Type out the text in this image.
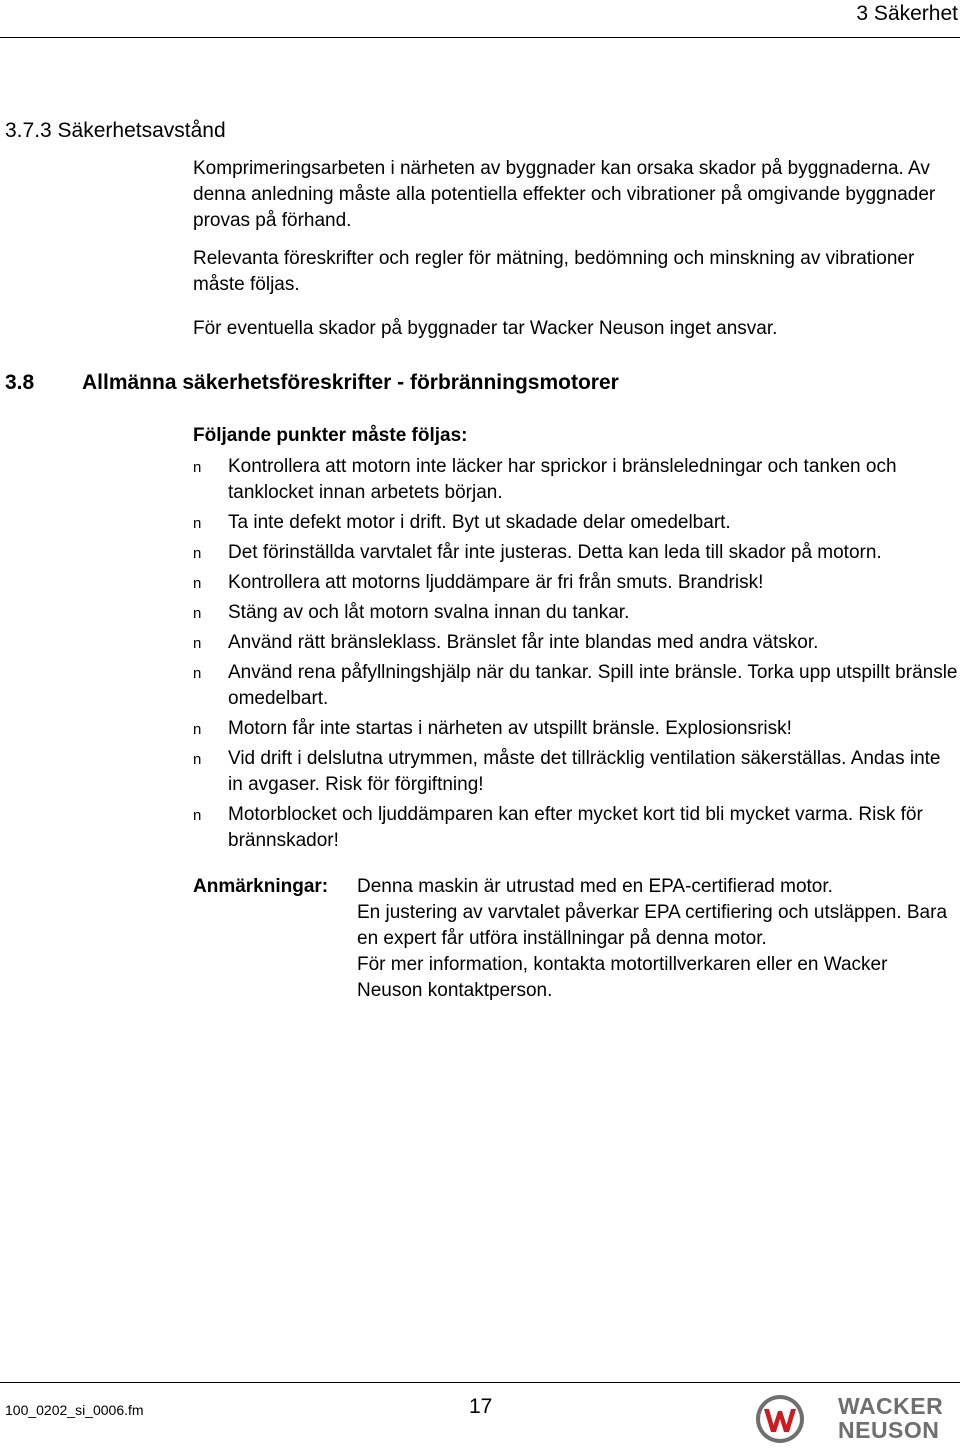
3 Säkerhet
3.7.3 Säkerhetsavstånd

Komprimeringsarbeten i närheten av byggnader kan orsaka skador på byggnaderna. Av denna anledning måste alla potentiella effekter och vibrationer på omgivande byggnader provas på förhand.

Relevanta föreskrifter och regler för mätning, bedömning och minskning av vibrationer måste följas.

För eventuella skador på byggnader tar Wacker Neuson inget ansvar.

3.8 Allmänna säkerhetsföreskrifter - förbränningsmotorer
Följande punkter måste följas:
n Kontrollera att motorn inte läcker har sprickor i bränsleledningar och tanken och tanklocket innan arbetets början.
n Ta inte defekt motor i drift. Byt ut skadade delar omedelbart.
n Det förinställda varvtalet får inte justeras. Detta kan leda till skador på motorn.
n Kontrollera att motorns ljuddämpare är fri från smuts. Brandrisk!
n Stäng av och låt motorn svalna innan du tankar.
n Använd rätt bränsleklass. Bränslet får inte blandas med andra vätskor.
n Använd rena påfyllningshjälp när du tankar. Spill inte bränsle. Torka upp utspillt bränsle omedelbart.
n Motorn får inte startas i närheten av utspillt bränsle. Explosionsrisk!
n Vid drift i delslutna utrymmen, måste det tillräcklig ventilation säkerställas. Andas inte in avgaser. Risk för förgiftning!
n Motorblocket och ljuddämparen kan efter mycket kort tid bli mycket varma. Risk för brännskador!
Anmärkningar: Denna maskin är utrustad med en EPA-certifierad motor.
En justering av varvtalet påverkar EPA certifiering och utsläppen. Bara en expert får utföra inställningar på denna motor.
För mer information, kontakta motortillverkaren eller en Wacker Neuson kontaktperson.
100_0202_si_0006.fm	17	WACKER
NEUSON
